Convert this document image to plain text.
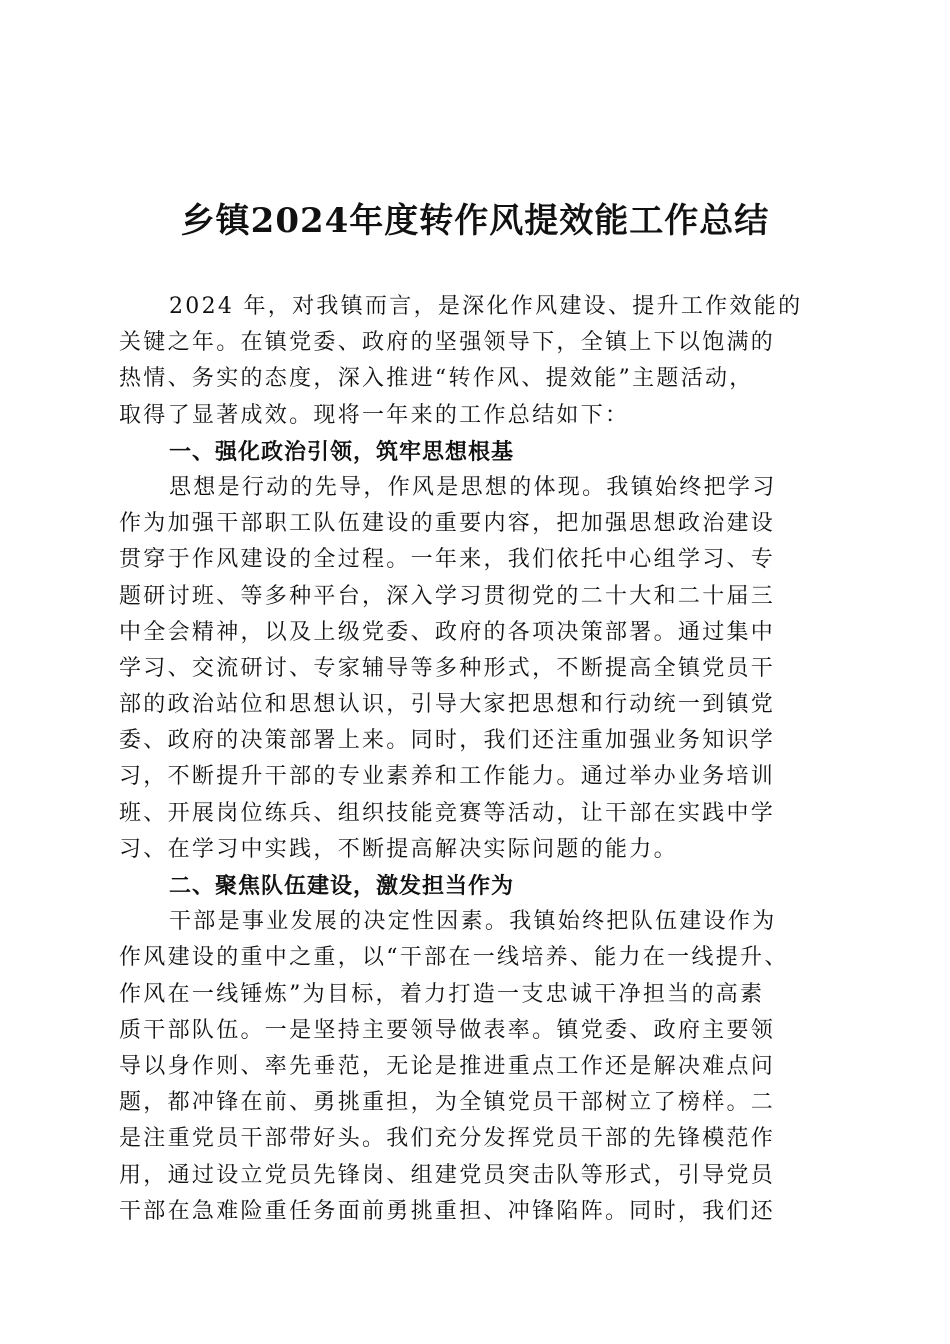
乡镇2024年度转作风提效能工作总结
2024 年，对我镇而言，是深化作风建设、提升工作效能的
关键之年。在镇党委、政府的坚强领导下，全镇上下以饱满的
热情、务实的态度，深入推进“转作风、提效能”主题活动，
取得了显著成效。现将一年来的工作总结如下：
一、强化政治引领，筑牢思想根基
思想是行动的先导，作风是思想的体现。我镇始终把学习
作为加强干部职工队伍建设的重要内容，把加强思想政治建设
贯穿于作风建设的全过程。一年来，我们依托中心组学习、专
题研讨班、等多种平台，深入学习贯彻党的二十大和二十届三
中全会精神，以及上级党委、政府的各项决策部署。通过集中
学习、交流研讨、专家辅导等多种形式，不断提高全镇党员干
部的政治站位和思想认识，引导大家把思想和行动统一到镇党
委、政府的决策部署上来。同时，我们还注重加强业务知识学
习，不断提升干部的专业素养和工作能力。通过举办业务培训
班、开展岗位练兵、组织技能竞赛等活动，让干部在实践中学
习、在学习中实践，不断提高解决实际问题的能力。
二、聚焦队伍建设，激发担当作为
干部是事业发展的决定性因素。我镇始终把队伍建设作为
作风建设的重中之重，以“干部在一线培养、能力在一线提升、
作风在一线锤炼”为目标，着力打造一支忠诚干净担当的高素
质干部队伍。一是坚持主要领导做表率。镇党委、政府主要领
导以身作则、率先垂范，无论是推进重点工作还是解决难点问
题，都冲锋在前、勇挑重担，为全镇党员干部树立了榜样。二
是注重党员干部带好头。我们充分发挥党员干部的先锋模范作
用，通过设立党员先锋岗、组建党员突击队等形式，引导党员
干部在急难险重任务面前勇挑重担、冲锋陷阵。同时，我们还
